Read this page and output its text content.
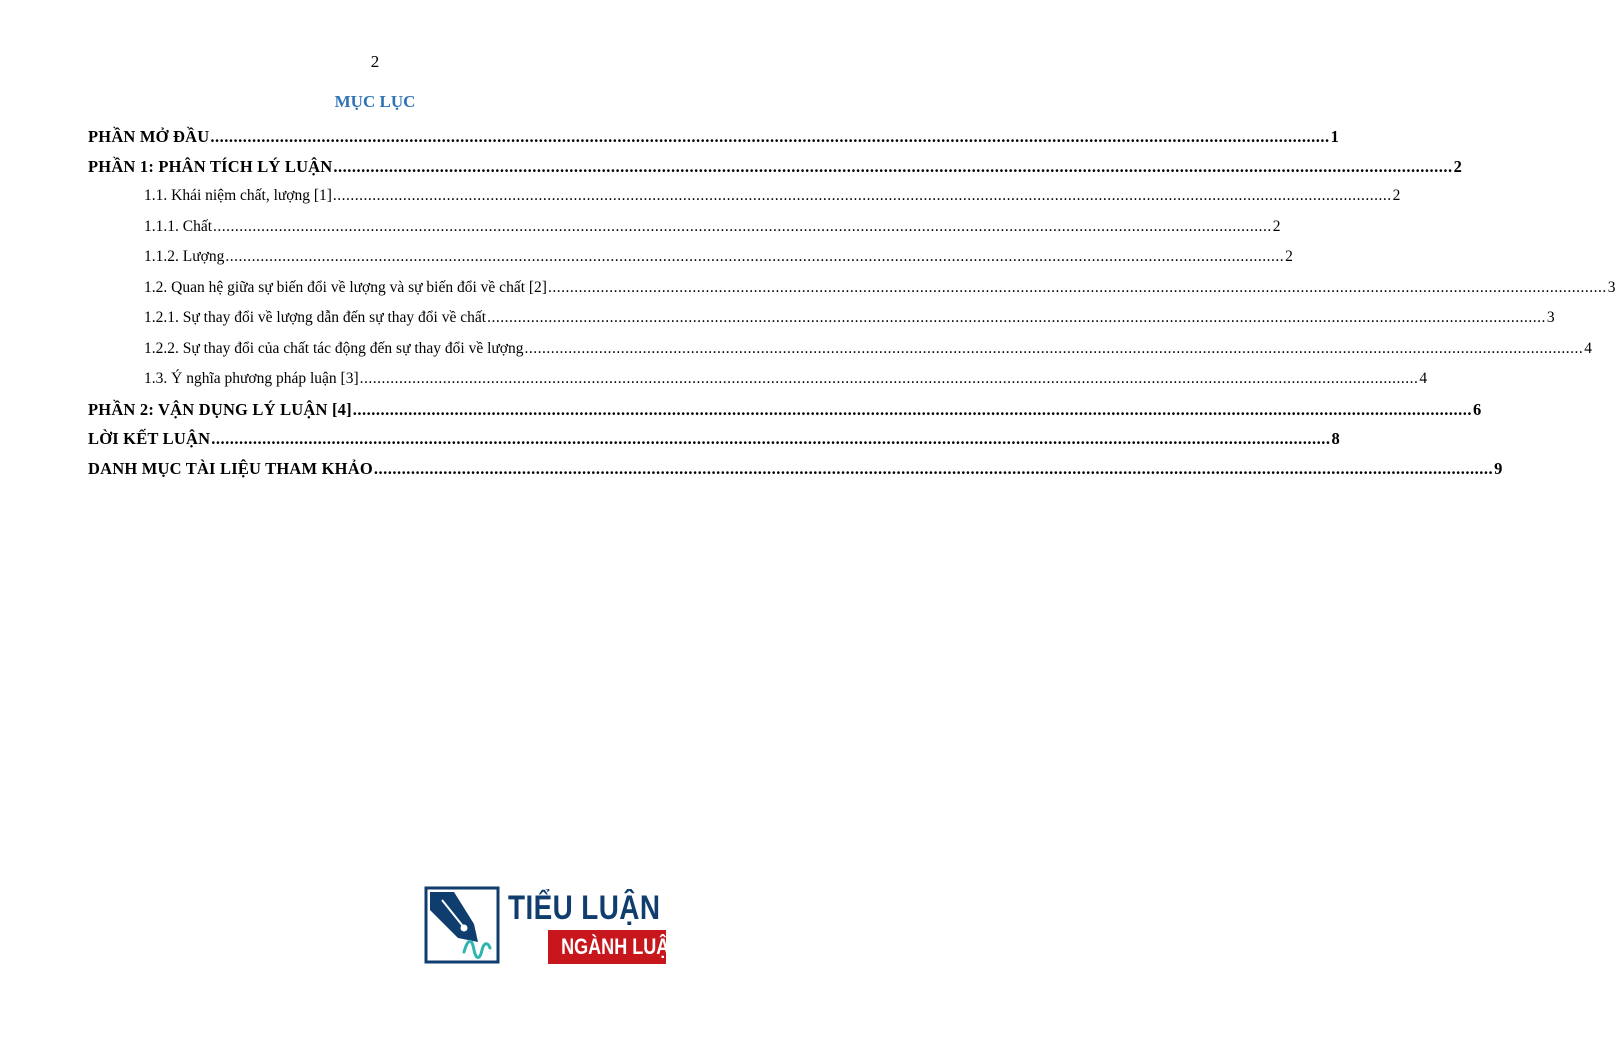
2
MỤC LỤC
PHẦN MỞ ĐẦU .....	1
PHẦN 1: PHÂN TÍCH LÝ LUẬN .....	2
1.1. Khái niệm chất, lượng [1] .....	2
1.1.1. Chất .....	2
1.1.2. Lượng .....	2
1.2. Quan hệ giữa sự biến đổi về lượng và sự biến đổi về chất [2] .....	3
1.2.1. Sự thay đổi về lượng dẫn đến sự thay đổi về chất .....	3
1.2.2. Sự thay đổi của chất tác động đến sự thay đổi về lượng .....	4
1.3. Ý nghĩa phương pháp luận [3] .....	4
PHẦN 2: VẬN DỤNG LÝ LUẬN [4] .....	6
LỜI KẾT LUẬN .....	8
DANH MỤC TÀI LIỆU THAM KHẢO .....	9
TIỂU LUẬN
NGÀNH LUẬT
